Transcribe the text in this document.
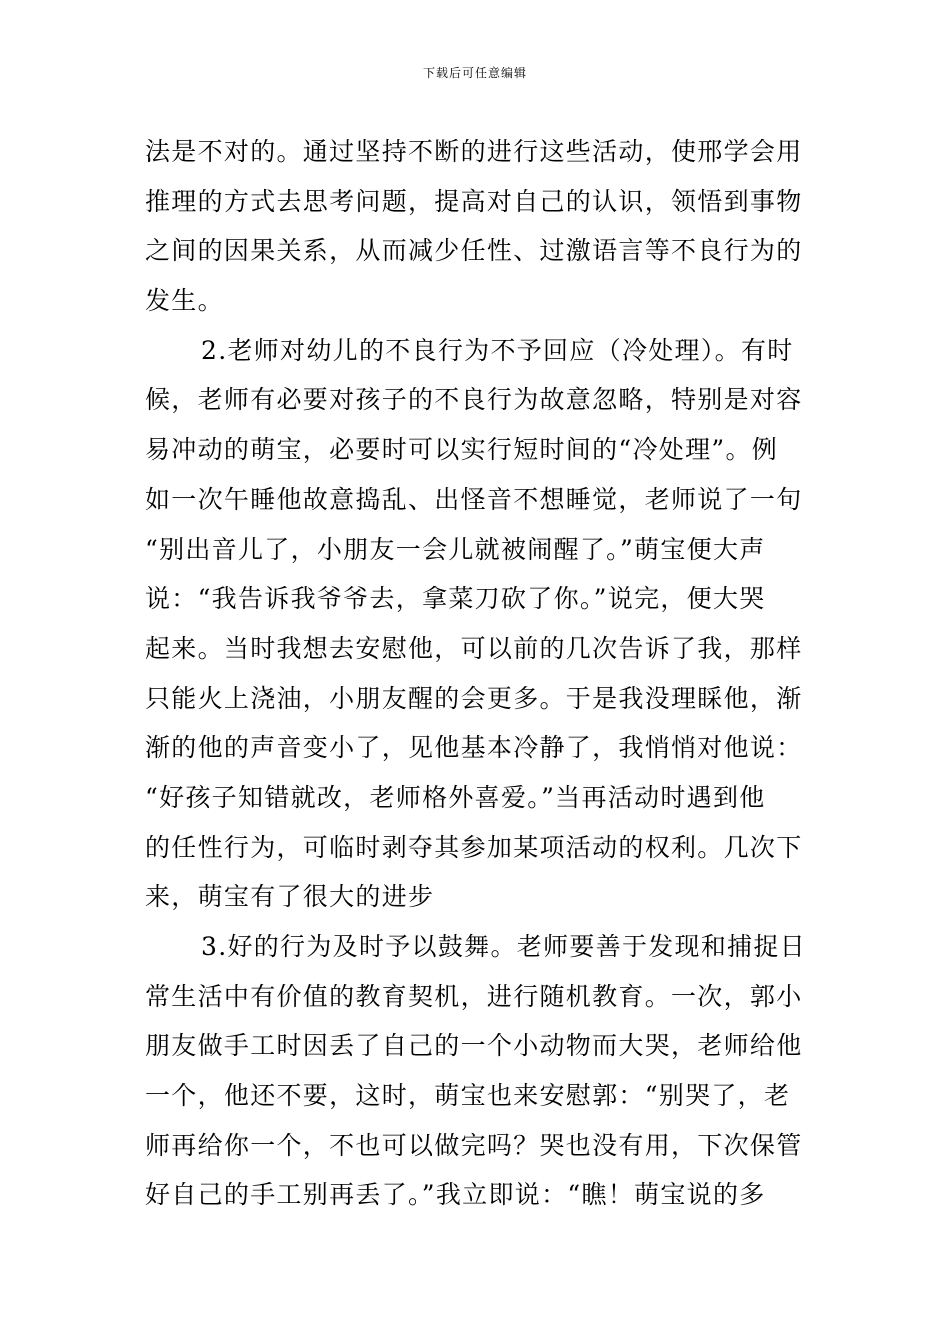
下载后可任意编辑
法是不对的。通过坚持不断的进行这些活动，使邢学会用
推理的方式去思考问题，提高对自己的认识，领悟到事物
之间的因果关系，从而减少任性、过激语言等不良行为的
发生。
2.老师对幼儿的不良行为不予回应（冷处理）。有时
候，老师有必要对孩子的不良行为故意忽略，特别是对容
易冲动的萌宝，必要时可以实行短时间的“冷处理”。例
如一次午睡他故意捣乱、出怪音不想睡觉，老师说了一句
“别出音儿了，小朋友一会儿就被闹醒了。”萌宝便大声
说：“我告诉我爷爷去，拿菜刀砍了你。”说完，便大哭
起来。当时我想去安慰他，可以前的几次告诉了我，那样
只能火上浇油，小朋友醒的会更多。于是我没理睬他，渐
渐的他的声音变小了，见他基本冷静了，我悄悄对他说：
“好孩子知错就改，老师格外喜爱。”当再活动时遇到他
的任性行为，可临时剥夺其参加某项活动的权利。几次下
来，萌宝有了很大的进步
3.好的行为及时予以鼓舞。老师要善于发现和捕捉日
常生活中有价值的教育契机，进行随机教育。一次，郭小
朋友做手工时因丢了自己的一个小动物而大哭，老师给他
一个，他还不要，这时，萌宝也来安慰郭：“别哭了，老
师再给你一个，不也可以做完吗？哭也没有用，下次保管
好自己的手工别再丢了。”我立即说：“瞧！萌宝说的多
